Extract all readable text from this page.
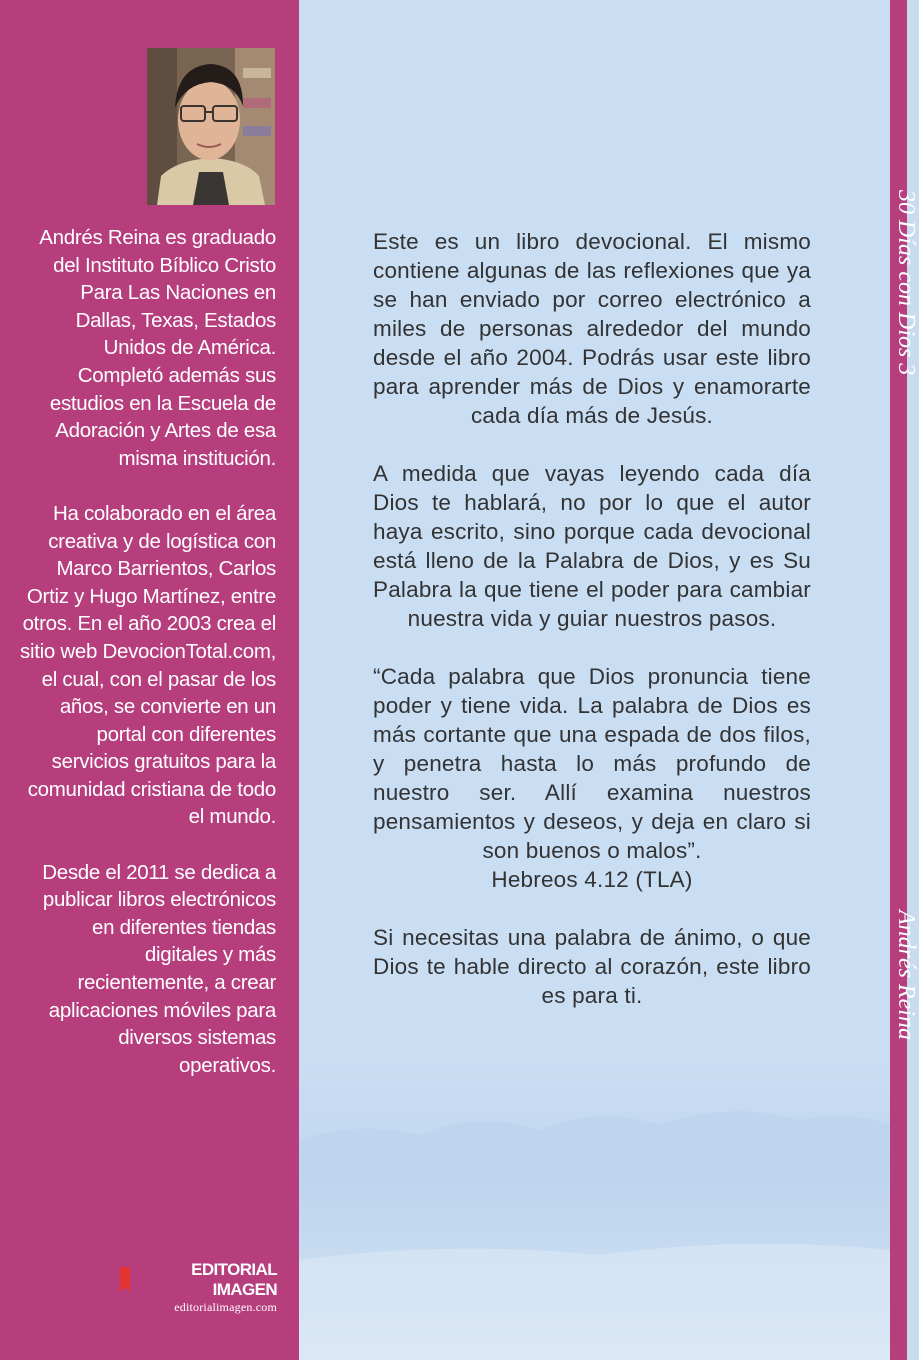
Andrés Reina es graduado del Instituto Bíblico Cristo Para Las Naciones en Dallas, Texas, Estados Unidos de América. Completó además sus estudios en la Escuela de Adoración y Artes de esa misma institución.

Ha colaborado en el área creativa y de logística con Marco Barrientos, Carlos Ortiz y Hugo Martínez, entre otros. En el año 2003 crea el sitio web DevocionTotal.com, el cual, con el pasar de los años, se convierte en un portal con diferentes servicios gratuitos para la comunidad cristiana de todo el mundo.

Desde el 2011 se dedica a publicar libros electrónicos en diferentes tiendas digitales y más recientemente, a crear aplicaciones móviles para diversos sistemas operativos.

EDITORIAL IMAGEN
editorialimagen.com

Este es un libro devocional. El mismo contiene algunas de las reflexiones que ya se han enviado por correo electrónico a miles de personas alrededor del mundo desde el año 2004. Podrás usar este libro para aprender más de Dios y enamorarte cada día más de Jesús.

A medida que vayas leyendo cada día Dios te hablará, no por lo que el autor haya escrito, sino porque cada devocional está lleno de la Palabra de Dios, y es Su Palabra la que tiene el poder para cambiar nuestra vida y guiar nuestros pasos.

“Cada palabra que Dios pronuncia tiene poder y tiene vida. La palabra de Dios es más cortante que una espada de dos filos, y penetra hasta lo más profundo de nuestro ser. Allí examina nuestros pensamientos y deseos, y deja en claro si son buenos o malos”.

Hebreos 4.12 (TLA)

Si necesitas una palabra de ánimo, o que Dios te hable directo al corazón, este libro es para ti.

30 Días con Dios 3
Andrés Reina
